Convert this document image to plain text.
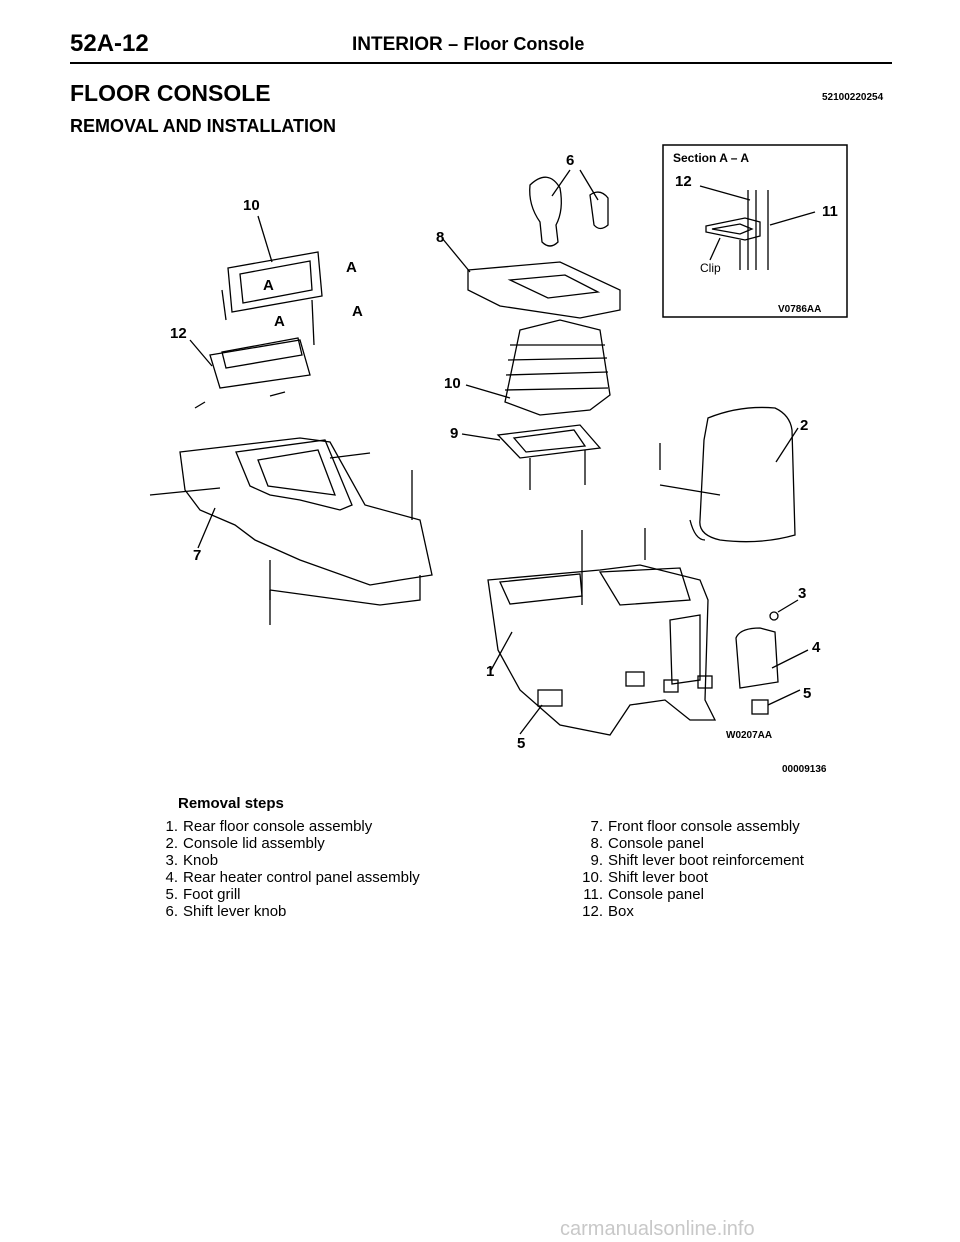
52A-12	INTERIOR – Floor Console
FLOOR CONSOLE	52100220254
REMOVAL AND INSTALLATION
6
10
8
12
10
9	2
7
3
4
1
5
5
12
11
A
A
A
A
Section A – A
V0786AA
W0207AA
00009136
Clip
Removal steps
1. Rear floor console assembly
2. Console lid assembly
3. Knob
4. Rear heater control panel assembly
5. Foot grill
6. Shift lever knob
7. Front floor console assembly
8. Console panel
9. Shift lever boot reinforcement
10. Shift lever boot
11. Console panel
12. Box
carmanualsonline.info
